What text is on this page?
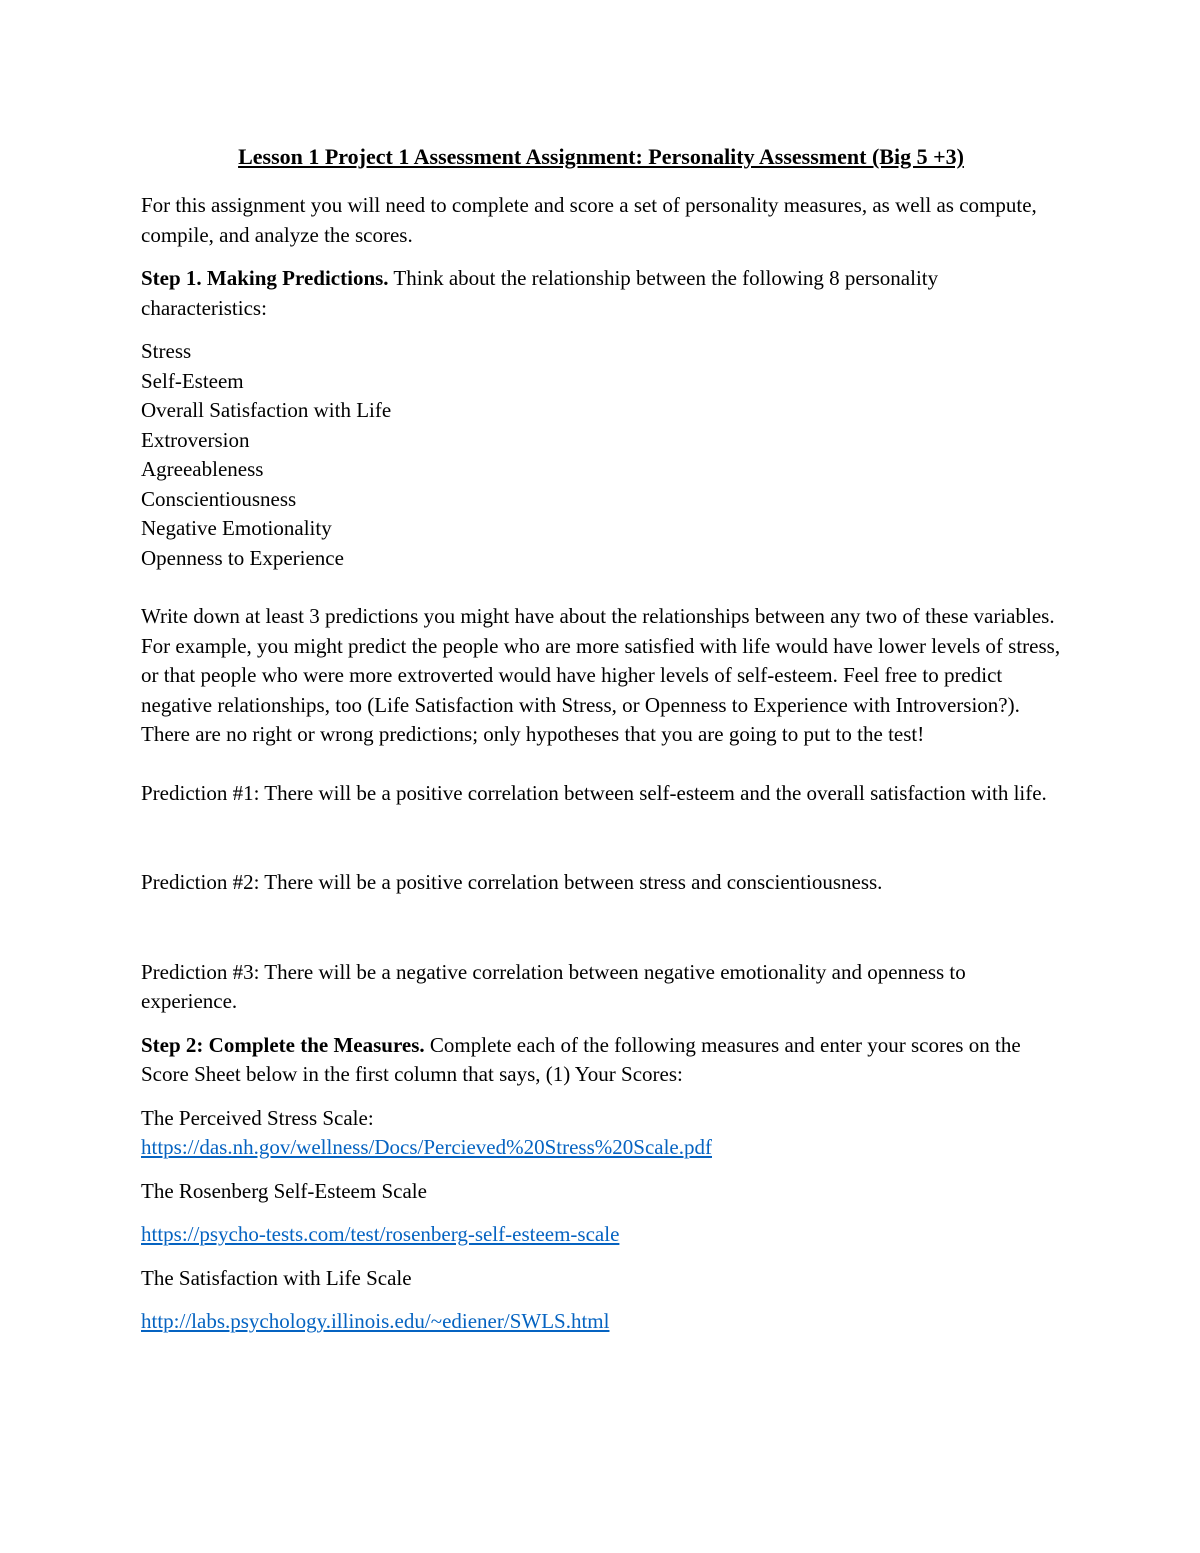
Lesson 1 Project 1 Assessment Assignment: Personality Assessment (Big 5 +3)

For this assignment you will need to complete and score a set of personality measures, as well as compute, compile, and analyze the scores.

Step 1. Making Predictions. Think about the relationship between the following 8 personality characteristics:

Stress
Self-Esteem
Overall Satisfaction with Life
Extroversion
Agreeableness
Conscientiousness
Negative Emotionality
Openness to Experience

Write down at least 3 predictions you might have about the relationships between any two of these variables. For example, you might predict the people who are more satisfied with life would have lower levels of stress, or that people who were more extroverted would have higher levels of self-esteem. Feel free to predict negative relationships, too (Life Satisfaction with Stress, or Openness to Experience with Introversion?). There are no right or wrong predictions; only hypotheses that you are going to put to the test!

Prediction #1: There will be a positive correlation between self-esteem and the overall satisfaction with life.

Prediction #2: There will be a positive correlation between stress and conscientiousness.

Prediction #3: There will be a negative correlation between negative emotionality and openness to experience.

Step 2: Complete the Measures. Complete each of the following measures and enter your scores on the Score Sheet below in the first column that says, (1) Your Scores:

The Perceived Stress Scale:

https://das.nh.gov/wellness/Docs/Percieved%20Stress%20Scale.pdf

The Rosenberg Self-Esteem Scale

https://psycho-tests.com/test/rosenberg-self-esteem-scale

The Satisfaction with Life Scale

http://labs.psychology.illinois.edu/~ediener/SWLS.html
